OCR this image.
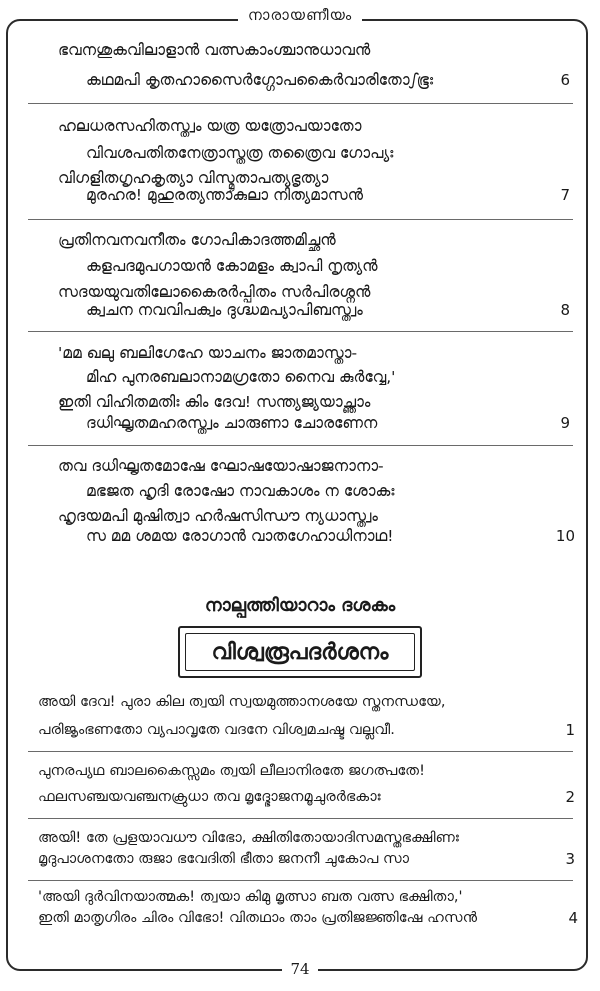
നാരായണീയം
ഭവനശുകവിലാളാൻ വത്സകാംശ്ചാനുധാവൻ
കഥമപി കൃതഹാസൈർഗ്ഗോപകൈർവാരിതോഽഭൂഃ	6
ഹലധരസഹിതസ്ത്വം യത്ര യത്രോപയാതോ
വിവശപതിതനേത്രാസ്തത്ര തത്രൈവ ഗോപ്യഃ
വിഗളിതഗൃഹകൃത്യാ വിസ്മൃതാപത്യഭൃത്യാ
മുരഹര! മുഹുരത്യന്താകുലാ നിത്യമാസൻ	7
പ്രതിനവനവനീതം ഗോപികാദത്തമിച്ഛൻ
കളപദമുപഗായൻ കോമളം ക്വാപി നൃത്യൻ
സദയയുവതിലോകൈരർപ്പിതം സർപിരശ്നൻ
ക്വചന നവവിപക്വം ദുഗ്ദ്ധമപ്യാപിബസ്ത്വം	8
'മമ ഖലു ബലിഗേഹേ യാചനം ജാതമാസ്താ-
മിഹ പുനരബലാനാമഗ്രതോ നൈവ കുർവ്വേ,'
ഇതി വിഹിതമതിഃ കിം ദേവ! സന്ത്യജ്യയാച്ഞാം
ദധിഘൃതമഹരസ്ത്വം ചാരുണാ ചോരണേന	9
തവ ദധിഘൃതമോഷേ ഘോഷയോഷാജനാനാ-
മഭജത ഹൃദി രോഷോ നാവകാശം ന ശോകഃ
ഹൃദയമപി മുഷിത്വാ ഹർഷസിന്ധൗ ന്യധാസ്ത്വം
സ മമ ശമയ രോഗാൻ വാതഗേഹാധിനാഥ!	10
നാല്പത്തിയാറാം ദശകം
വിശ്വരൂപദർശനം
അയി ദേവ! പുരാ കില ത്വയി സ്വയമുത്താനശയേ സ്തനന്ധയേ,
പരിജൃംഭണതോ വ്യപാവൃതേ വദനേ വിശ്വമചഷ്ട വല്ലവീ.	1
പുനരപ്യഥ ബാലകൈസ്സമം ത്വയി ലീലാനിരതേ ജഗത്പതേ!
ഫലസഞ്ചയവഞ്ചനക്രുധാ തവ മൃദ്ഭോജനമൂചുരർഭകാഃ	2
അയി! തേ പ്രളയാവധൗ വിഭോ, ക്ഷിതിതോയാദിസമസ്തഭക്ഷിണഃ
മൃദുപാശനതോ രുജാ ഭവേദിതി ഭീതാ ജനനീ ചുകോപ സാ	3
'അയി ദുർവിനയാത്മക! ത്വയാ കിമു മൃത്സാ ബത വത്സ ഭക്ഷിതാ,'
ഇതി മാതൃഗിരം ചിരം വിഭോ! വിതഥാം താം പ്രതിജജ്ഞിഷേ ഹസൻ	4
74
